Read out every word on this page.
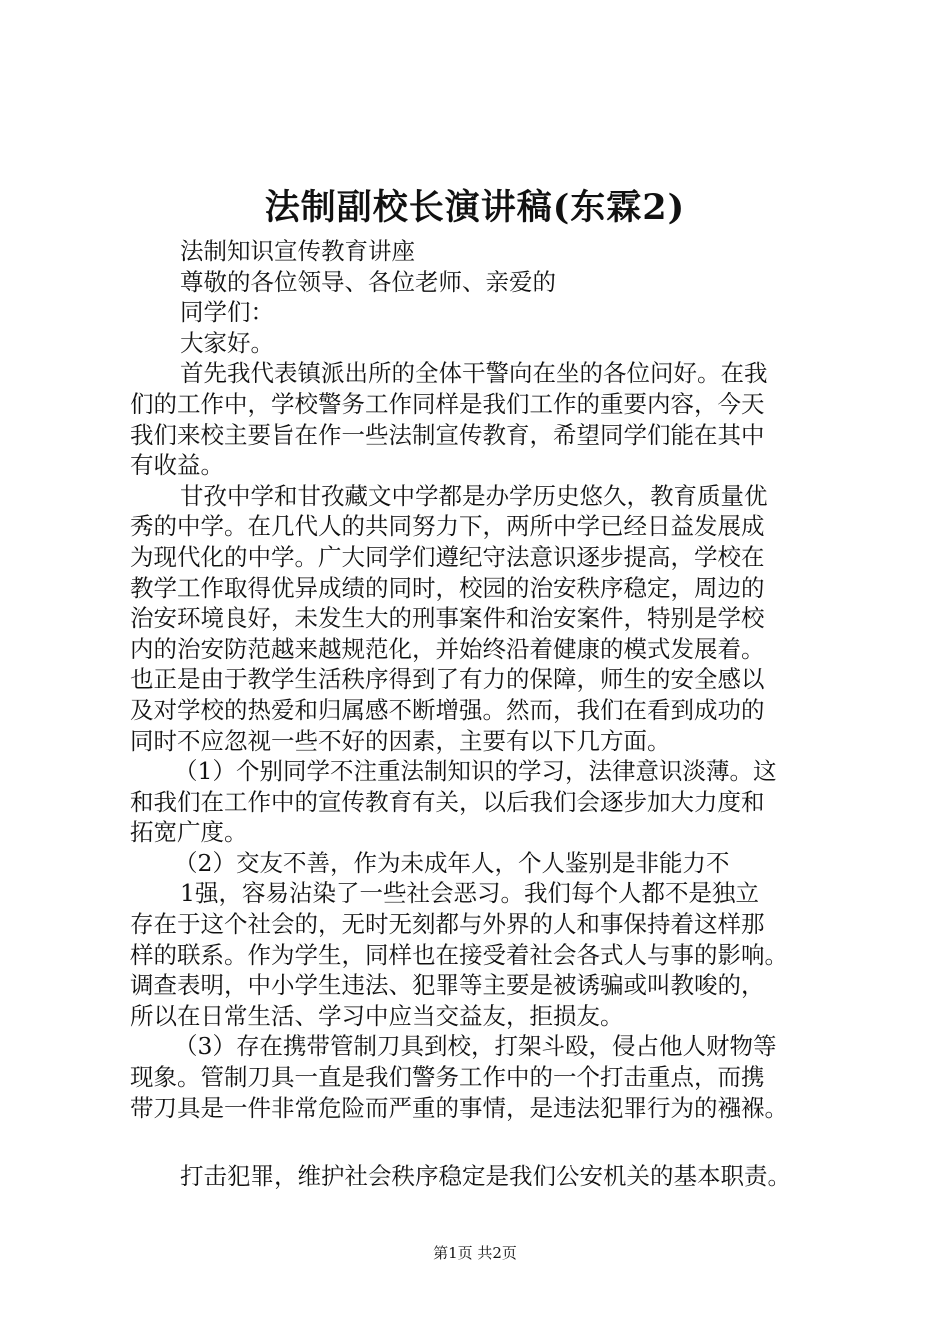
法制副校长演讲稿(东霖2)
法制知识宣传教育讲座
尊敬的各位领导、各位老师、亲爱的
同学们：
大家好。
首先我代表镇派出所的全体干警向在坐的各位问好。在我
们的工作中，学校警务工作同样是我们工作的重要内容，今天
我们来校主要旨在作一些法制宣传教育，希望同学们能在其中
有收益。
甘孜中学和甘孜藏文中学都是办学历史悠久，教育质量优
秀的中学。在几代人的共同努力下，两所中学已经日益发展成
为现代化的中学。广大同学们遵纪守法意识逐步提高，学校在
教学工作取得优异成绩的同时，校园的治安秩序稳定，周边的
治安环境良好，未发生大的刑事案件和治安案件，特别是学校
内的治安防范越来越规范化，并始终沿着健康的模式发展着。
也正是由于教学生活秩序得到了有力的保障，师生的安全感以
及对学校的热爱和归属感不断增强。然而，我们在看到成功的
同时不应忽视一些不好的因素，主要有以下几方面。
（1）个别同学不注重法制知识的学习，法律意识淡薄。这
和我们在工作中的宣传教育有关，以后我们会逐步加大力度和
拓宽广度。
（2）交友不善，作为未成年人，个人鉴别是非能力不
1强，容易沾染了一些社会恶习。我们每个人都不是独立
存在于这个社会的，无时无刻都与外界的人和事保持着这样那
样的联系。作为学生，同样也在接受着社会各式人与事的影响。
调查表明，中小学生违法、犯罪等主要是被诱骗或叫教唆的，
所以在日常生活、学习中应当交益友，拒损友。
（3）存在携带管制刀具到校，打架斗殴，侵占他人财物等
现象。管制刀具一直是我们警务工作中的一个打击重点，而携
带刀具是一件非常危险而严重的事情，是违法犯罪行为的襁褓。
打击犯罪，维护社会秩序稳定是我们公安机关的基本职责。
第1页 共2页
